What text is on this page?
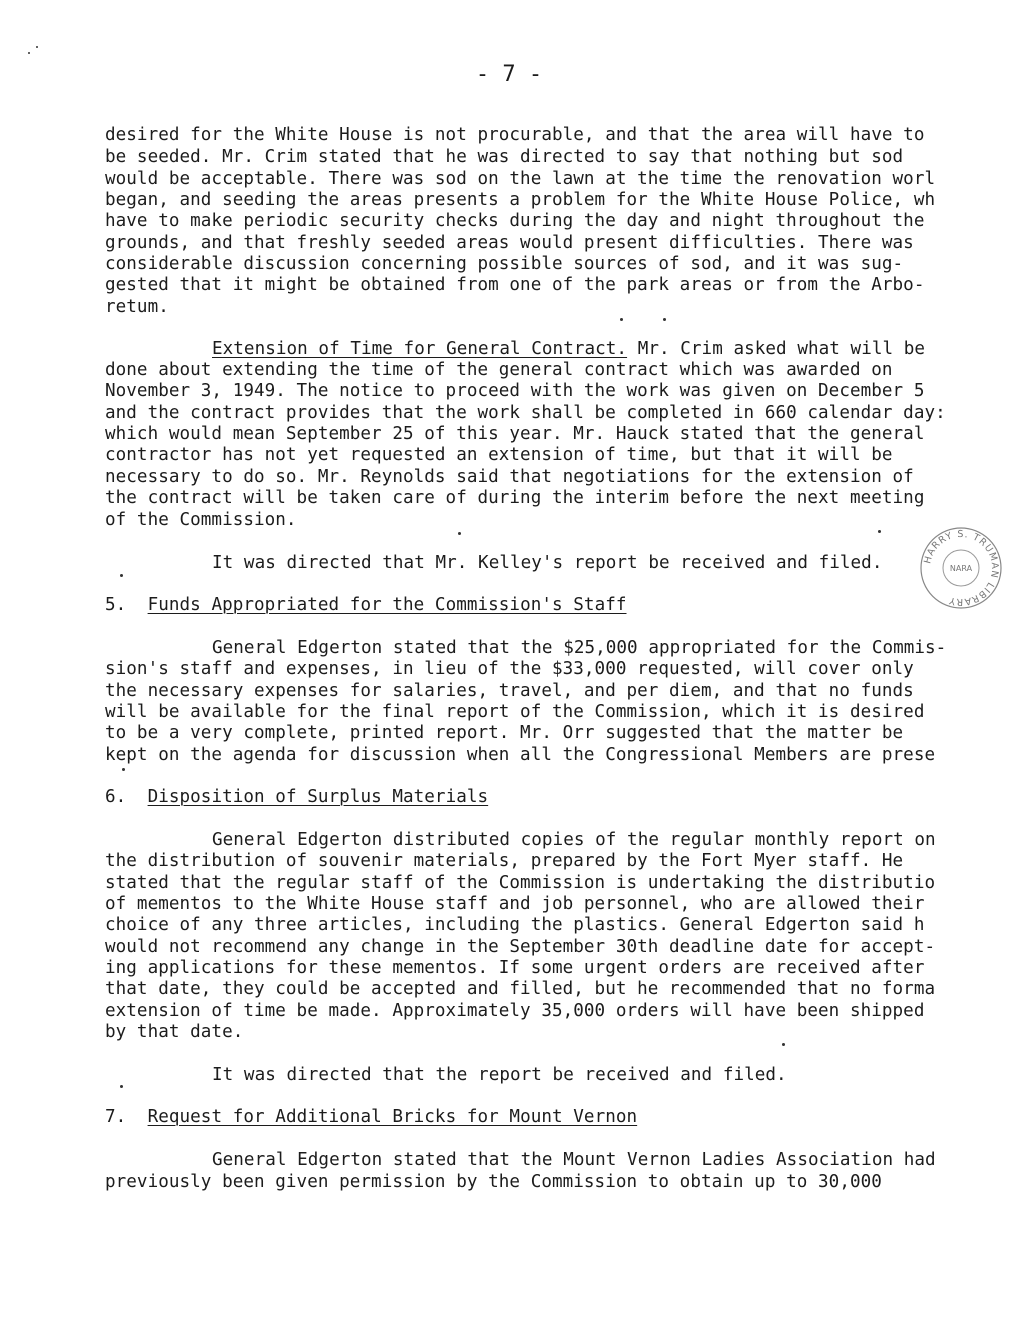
- 7 -
desired for the White House is not procurable, and that the area will have to
be seeded. Mr. Crim stated that he was directed to say that nothing but sod
would be acceptable. There was sod on the lawn at the time the renovation worl
began, and seeding the areas presents a problem for the White House Police, wh
have to make periodic security checks during the day and night throughout the
grounds, and that freshly seeded areas would present difficulties. There was
considerable discussion concerning possible sources of sod, and it was sug-
gested that it might be obtained from one of the park areas or from the Arbo-
retum.
done about extending the time of the general contract which was awarded on
November 3, 1949. The notice to proceed with the work was given on December 5
and the contract provides that the work shall be completed in 660 calendar day:
which would mean September 25 of this year. Mr. Hauck stated that the general
contractor has not yet requested an extension of time, but that it will be
necessary to do so. Mr. Reynolds said that negotiations for the extension of
the contract will be taken care of during the interim before the next meeting
of the Commission.
It was directed that Mr. Kelley's report be received and filed.
General Edgerton stated that the $25,000 appropriated for the Commis-
sion's staff and expenses, in lieu of the $33,000 requested, will cover only
the necessary expenses for salaries, travel, and per diem, and that no funds
will be available for the final report of the Commission, which it is desired
to be a very complete, printed report. Mr. Orr suggested that the matter be
kept on the agenda for discussion when all the Congressional Members are prese
General Edgerton distributed copies of the regular monthly report on
the distribution of souvenir materials, prepared by the Fort Myer staff. He
stated that the regular staff of the Commission is undertaking the distributio
of mementos to the White House staff and job personnel, who are allowed their
choice of any three articles, including the plastics. General Edgerton said h
would not recommend any change in the September 30th deadline date for accept-
ing applications for these mementos. If some urgent orders are received after
that date, they could be accepted and filled, but he recommended that no forma
extension of time be made. Approximately 35,000 orders will have been shipped
by that date.
It was directed that the report be received and filed.
General Edgerton stated that the Mount Vernon Ladies Association had
previously been given permission by the Commission to obtain up to 30,000
Extension of Time for General Contract. Mr. Crim asked what will be
5. Funds Appropriated for the Commission's Staff
6. Disposition of Surplus Materials
7. Request for Additional Bricks for Mount Vernon
HARRY S. TRUMAN LIBRARY
NARA
